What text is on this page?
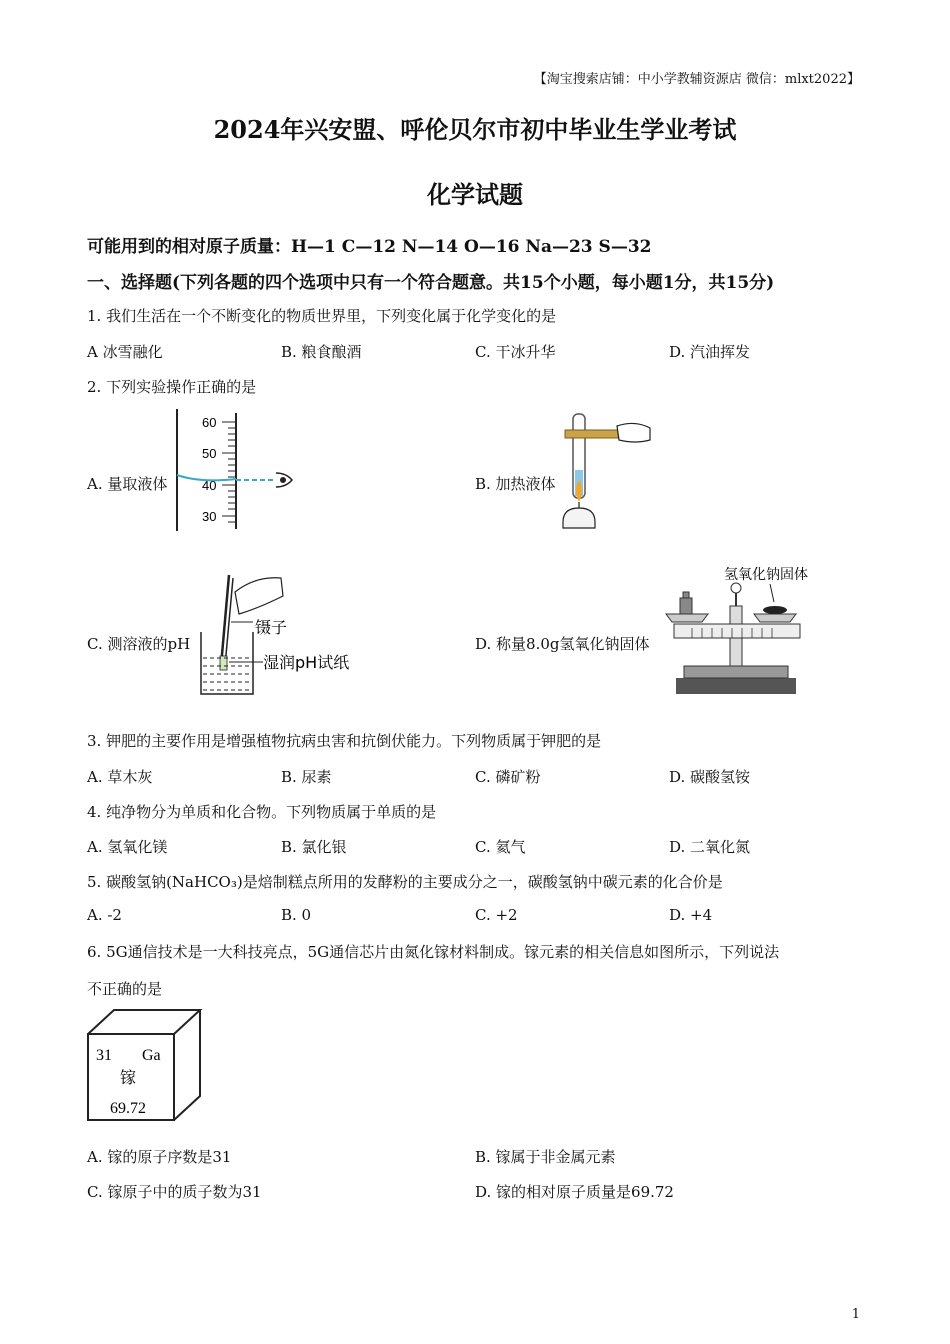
【淘宝搜索店铺：中小学教辅资源店 微信：mlxt2022】
2024年兴安盟、呼伦贝尔市初中毕业生学业考试
化学试题
可能用到的相对原子质量：H—1 C—12 N—14 O—16 Na—23 S—32
一、选择题(下列各题的四个选项中只有一个符合题意。共15个小题，每小题1分，共15分)
1. 我们生活在一个不断变化的物质世界里，下列变化属于化学变化的是
A 冰雪融化	B. 粮食酿酒	C. 干冰升华	D. 汽油挥发
2. 下列实验操作正确的是
A. 量取液体	B. 加热液体
C. 测溶液的pH	D. 称量8.0g氢氧化钠固体
60
50
40
30
镊子
湿润pH试纸
氢氧化钠固体
3. 钾肥的主要作用是增强植物抗病虫害和抗倒伏能力。下列物质属于钾肥的是
A. 草木灰	B. 尿素	C. 磷矿粉	D. 碳酸氢铵
4. 纯净物分为单质和化合物。下列物质属于单质的是
A. 氢氧化镁	B. 氯化银	C. 氦气	D. 二氧化氮
5. 碳酸氢钠(NaHCO₃)是焙制糕点所用的发酵粉的主要成分之一，碳酸氢钠中碳元素的化合价是
A. -2	B. 0	C. +2	D. +4
6. 5G通信技术是一大科技亮点，5G通信芯片由氮化镓材料制成。镓元素的相关信息如图所示，下列说法
不正确的是
31 Ga
镓
69.72
A. 镓的原子序数是31	B. 镓属于非金属元素
C. 镓原子中的质子数为31	D. 镓的相对原子质量是69.72
1
